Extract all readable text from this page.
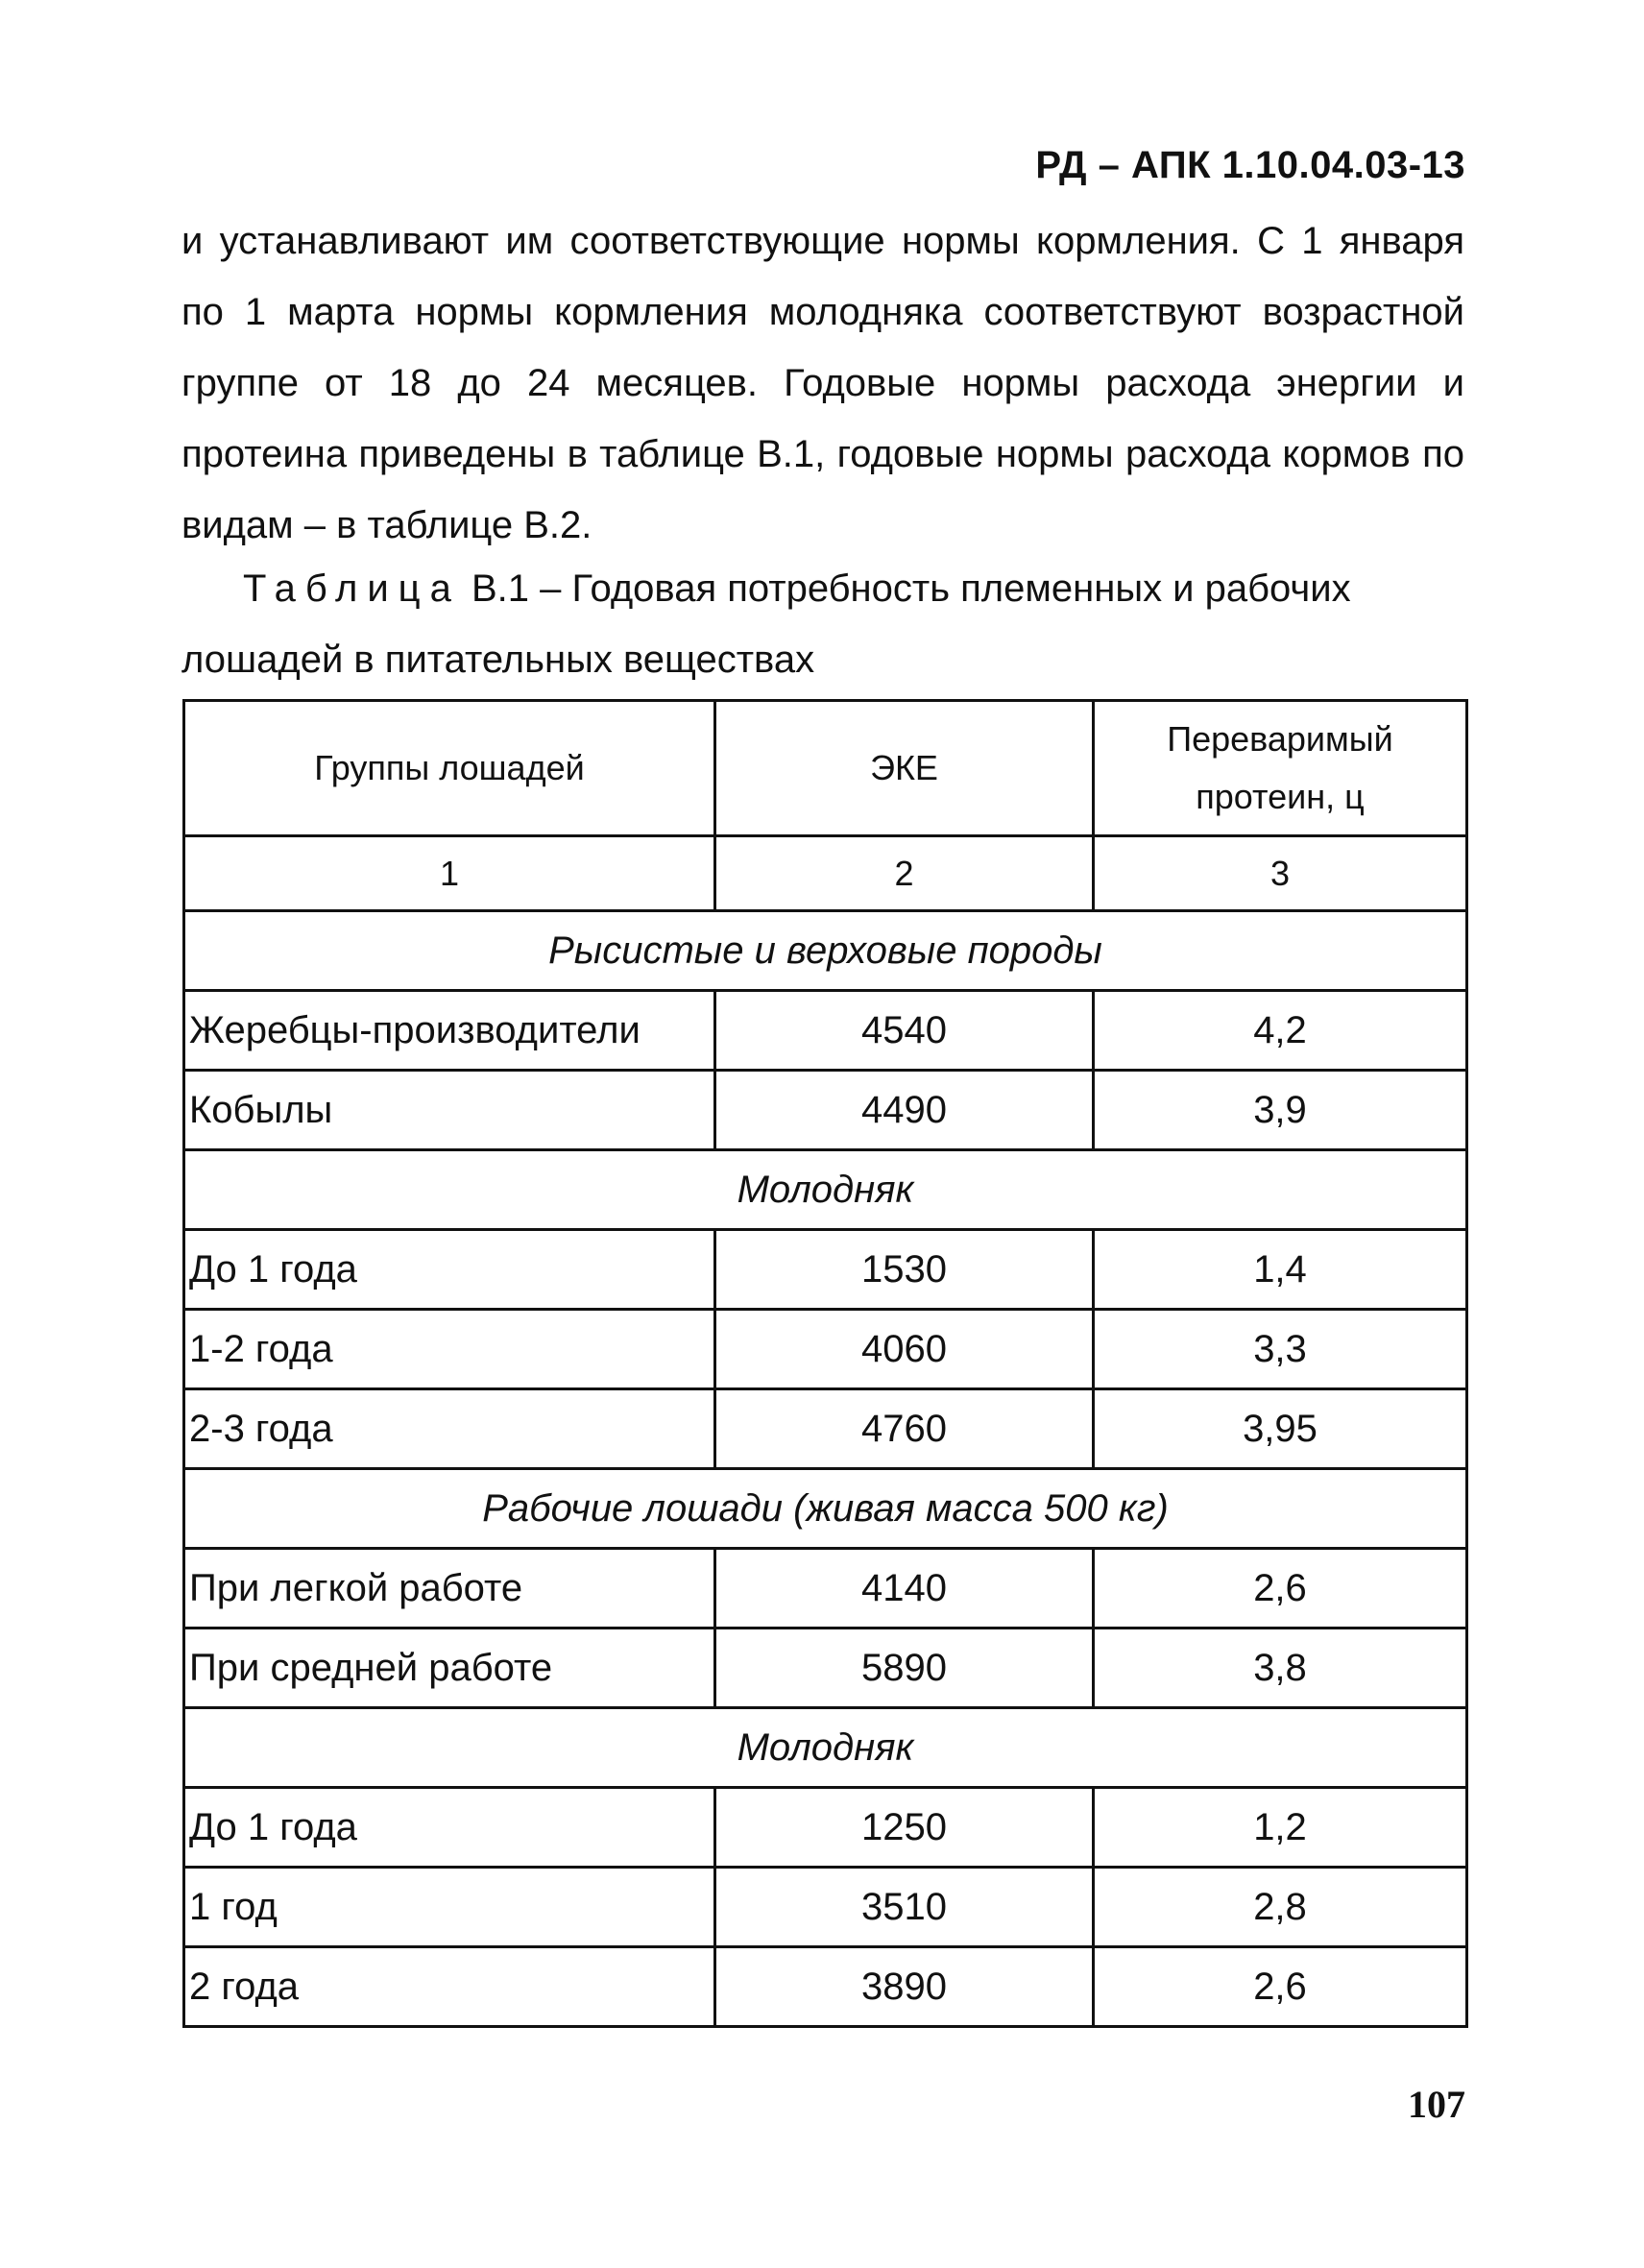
РД – АПК 1.10.04.03-13
и устанавливают им соответствующие нормы кормления. С 1 января по 1 марта нормы кормления молодняка соответствуют возрастной группе от 18 до 24 месяцев. Годовые нормы расхода энергии и протеина приведены в таблице В.1, годовые нормы расхода кормов по видам – в таблице В.2.
Таблица В.1 – Годовая потребность племенных и рабочих лошадей в питательных веществах
Группы лошадей	ЭКЕ	Переваримый протеин, ц
1	2	3
Рысистые и верховые породы		
Жеребцы-производители	4540	4,2
Кобылы	4490	3,9
Молодняк		
До 1 года	1530	1,4
1-2 года	4060	3,3
2-3 года	4760	3,95
Рабочие лошади (живая масса 500 кг)		
При легкой работе	4140	2,6
При средней работе	5890	3,8
Молодняк		
До 1 года	1250	1,2
1 год	3510	2,8
2 года	3890	2,6
107
